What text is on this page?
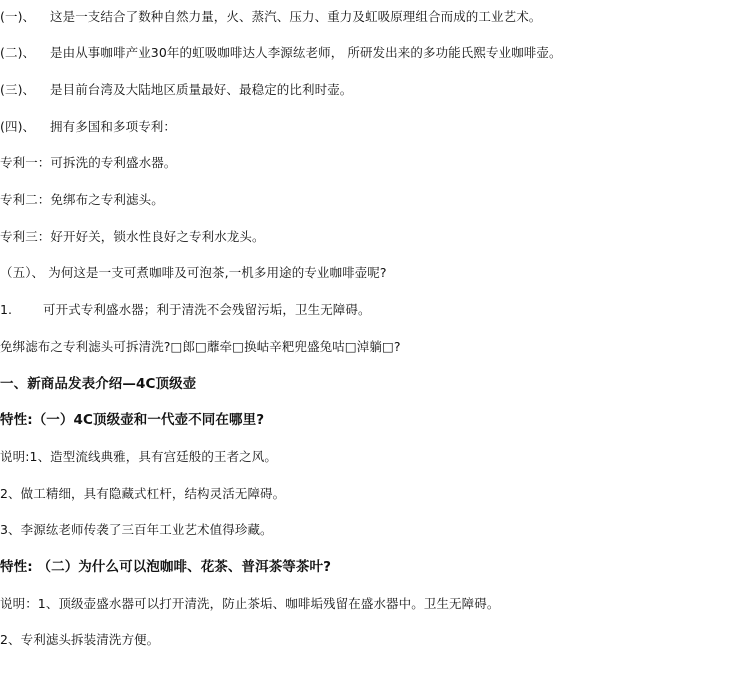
(一)、 这是一支结合了数种自然力量，火、蒸汽、压力、重力及虹吸原理组合而成的工业艺术。
(二)、 是由从事咖啡产业30年的虹吸咖啡达人李源纮老师， 所研发出来的多功能氏熙专业咖啡壶。
(三)、 是目前台湾及大陆地区质量最好、最稳定的比利时壶。
(四)、 拥有多国和多项专利：
专利一：可拆洗的专利盛水器。
专利二：免绑布之专利滤头。
专利三：好开好关，锁水性良好之专利水龙头。
（五）、 为何这是一支可煮咖啡及可泡茶,一机多用途的专业咖啡壶呢?
1. 可开式专利盛水器；利于清洗不会残留污垢，卫生无障碍。
免绑滤布之专利滤头可拆清洗?□郎□蘼牵□换岵辛粑兜盛兔咕□淖躺□?
一、新商品发表介绍—4C顶级壶
特性:（一）4C顶级壶和一代壶不同在哪里?
说明:1、造型流线典雅，具有宫廷般的王者之风。
2、做工精细，具有隐藏式杠杆，结构灵活无障碍。
3、李源纮老师传袭了三百年工业艺术值得珍藏。
特性: （二）为什么可以泡咖啡、花茶、普洱茶等茶叶?
说明：1、顶级壶盛水器可以打开清洗，防止茶垢、咖啡垢残留在盛水器中。卫生无障碍。
2、专利滤头拆装清洗方便。
